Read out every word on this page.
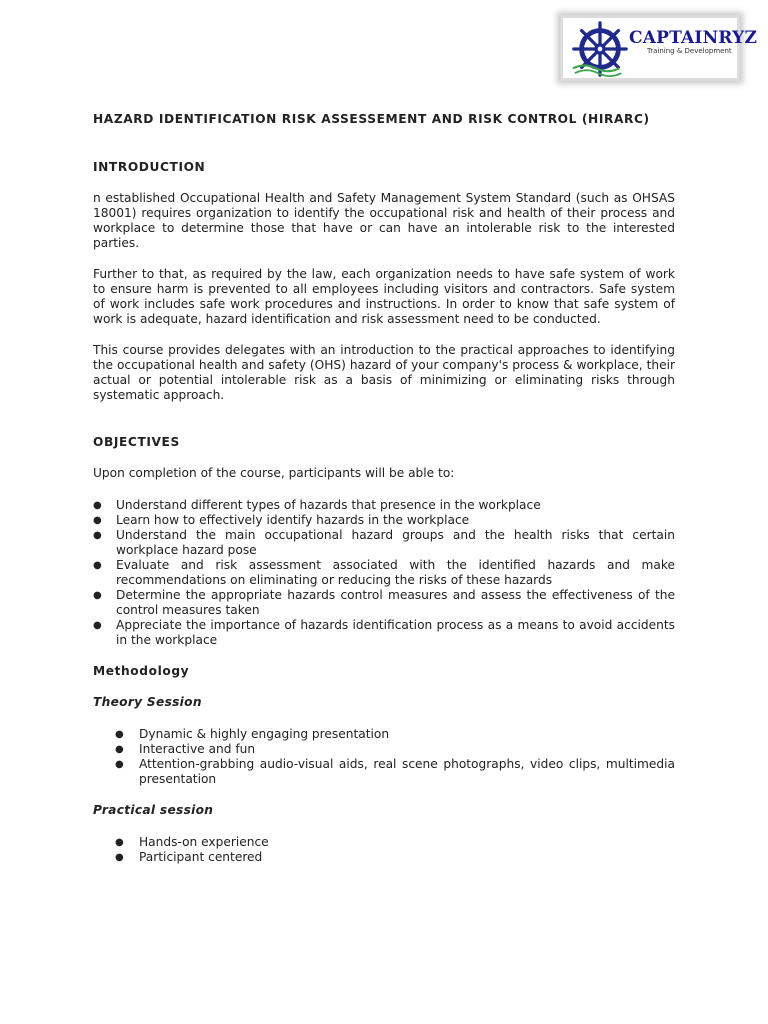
CAPTAINRYZ
Training & Development
HAZARD IDENTIFICATION RISK ASSESSEMENT AND RISK CONTROL (HIRARC)
INTRODUCTION

n established Occupational Health and Safety Management System Standard (such as OHSAS 18001) requires organization to identify the occupational risk and health of their process and workplace to determine those that have or can have an intolerable risk to the interested parties.

Further to that, as required by the law, each organization needs to have safe system of work to ensure harm is prevented to all employees including visitors and contractors. Safe system of work includes safe work procedures and instructions. In order to know that safe system of work is adequate, hazard identification and risk assessment need to be conducted.

This course provides delegates with an introduction to the practical approaches to identifying the occupational health and safety (OHS) hazard of your company's process & workplace, their actual or potential intolerable risk as a basis of minimizing or eliminating risks through systematic approach.

OBJECTIVES

Upon completion of the course, participants will be able to:

● Understand different types of hazards that presence in the workplace
● Learn how to effectively identify hazards in the workplace
● Understand the main occupational hazard groups and the health risks that certain workplace hazard pose
● Evaluate and risk assessment associated with the identified hazards and make recommendations on eliminating or reducing the risks of these hazards
● Determine the appropriate hazards control measures and assess the effectiveness of the control measures taken
● Appreciate the importance of hazards identification process as a means to avoid accidents in the workplace
Methodology
Theory Session
● Dynamic & highly engaging presentation
● Interactive and fun
● Attention-grabbing audio-visual aids, real scene photographs, video clips, multimedia presentation
Practical session
● Hands-on experience
● Participant centered
